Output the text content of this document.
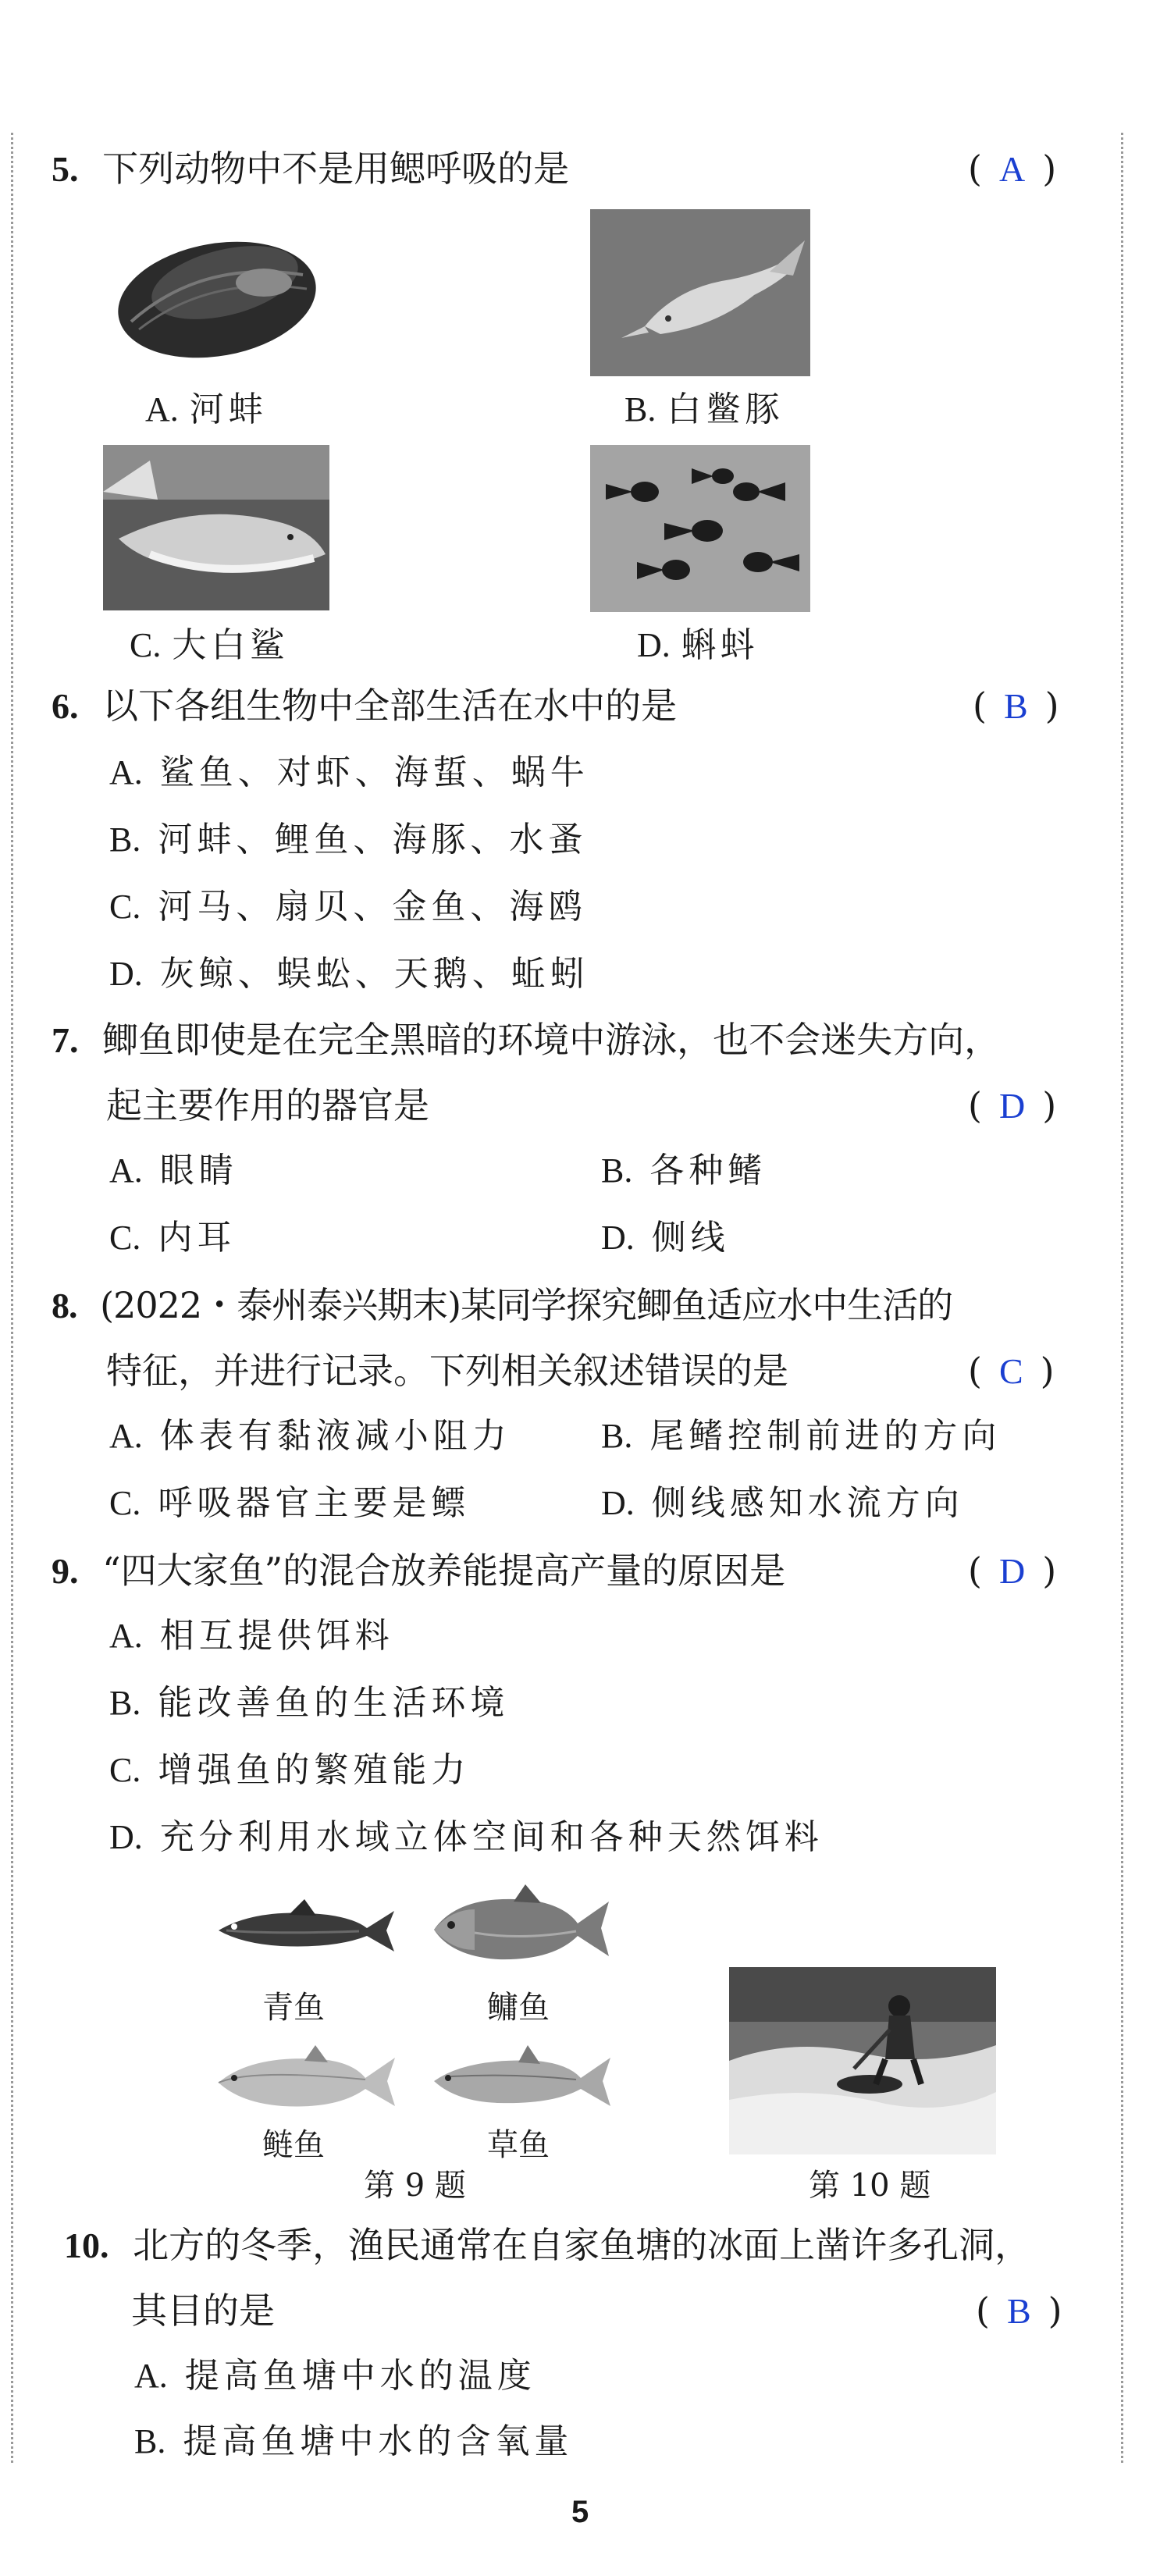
5. 下列动物中不是用鳃呼吸的是	( A )
A. 河蚌	B. 白鳖豚
C. 大白鲨	D. 蝌蚪
6. 以下各组生物中全部生活在水中的是	( B )
A. 鲨鱼、对虾、海蜇、蜗牛
B. 河蚌、鲤鱼、海豚、水蚤
C. 河马、扇贝、金鱼、海鸥
D. 灰鲸、蜈蚣、天鹅、蚯蚓
7. 鲫鱼即使是在完全黑暗的环境中游泳，也不会迷失方向，
起主要作用的器官是	( D )
A. 眼睛	B. 各种鳍
C. 内耳	D. 侧线
8. (2022・泰州泰兴期末)某同学探究鲫鱼适应水中生活的
特征，并进行记录。下列相关叙述错误的是	( C )
A. 体表有黏液减小阻力	B. 尾鳍控制前进的方向
C. 呼吸器官主要是鳔	D. 侧线感知水流方向
9. “四大家鱼”的混合放养能提高产量的原因是	( D )
A. 相互提供饵料
B. 能改善鱼的生活环境
C. 增强鱼的繁殖能力
D. 充分利用水域立体空间和各种天然饵料
青鱼	鳙鱼
鲢鱼	草鱼
第 9 题	第 10 题
10. 北方的冬季，渔民通常在自家鱼塘的冰面上凿许多孔洞，
其目的是	( B )
A. 提高鱼塘中水的温度
B. 提高鱼塘中水的含氧量
5
